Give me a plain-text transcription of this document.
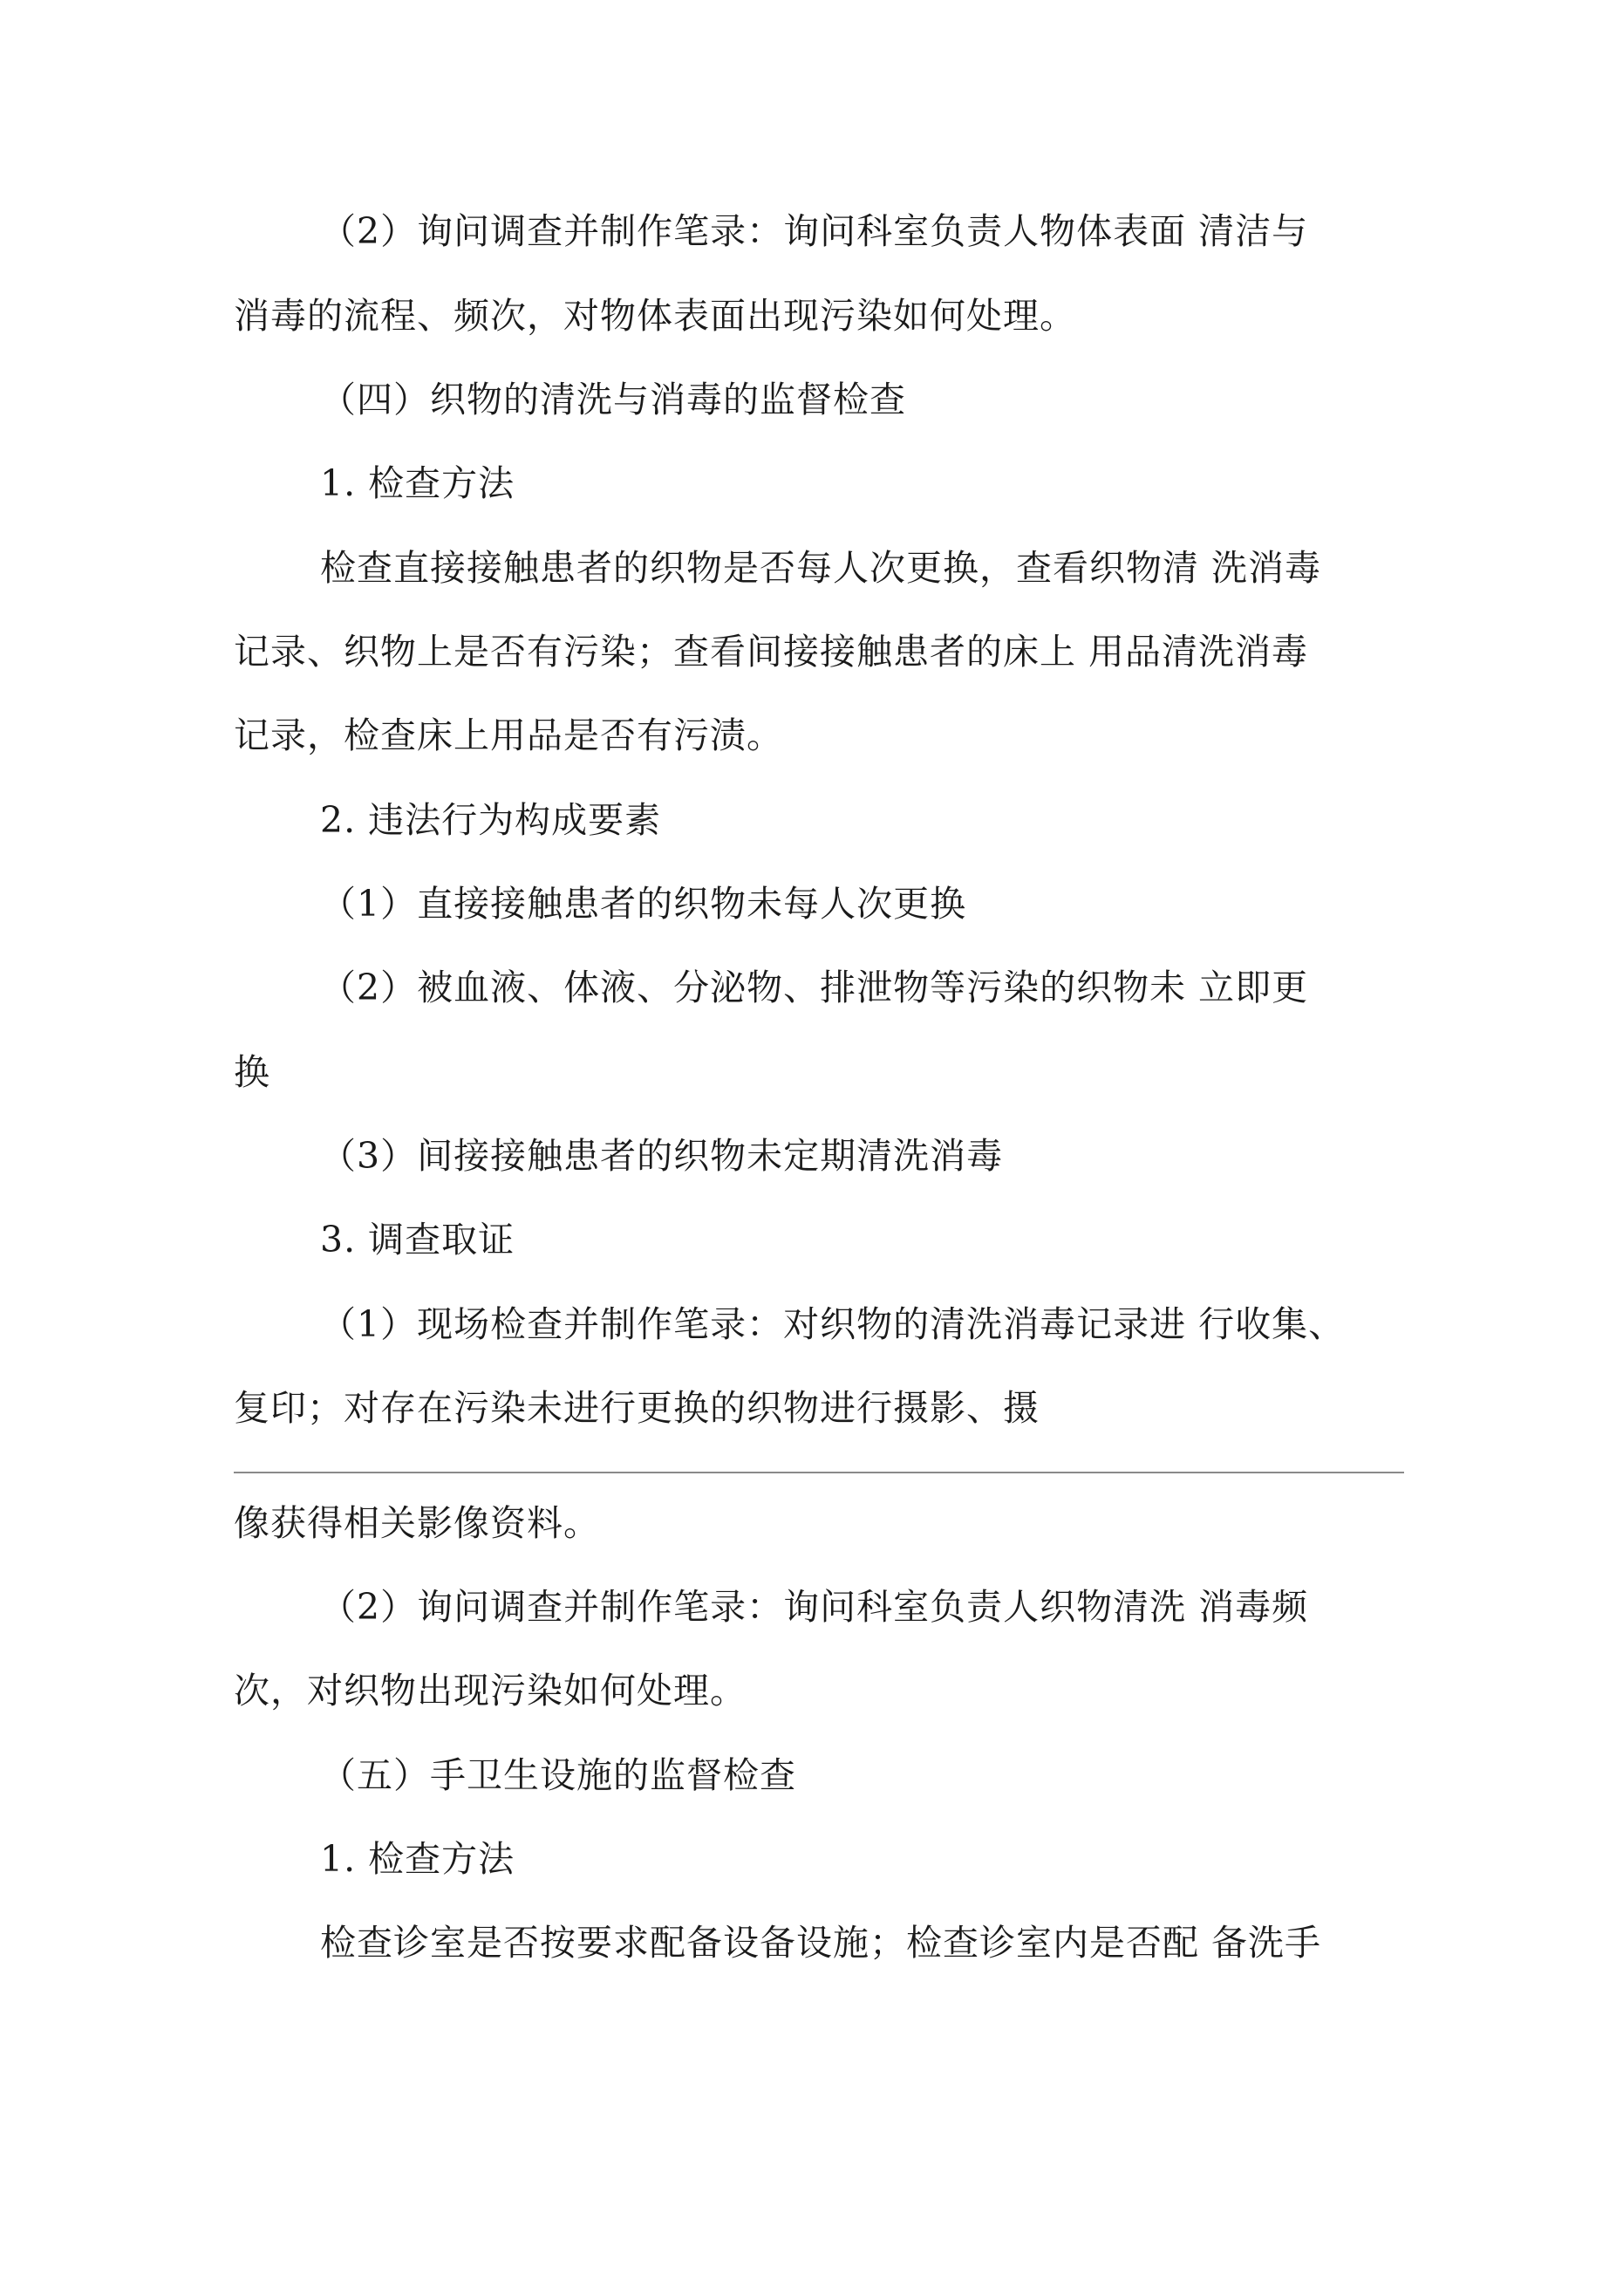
（2）询问调查并制作笔录：询问科室负责人物体表面 清洁与
消毒的流程、频次，对物体表面出现污染如何处理。
（四）织物的清洗与消毒的监督检查
1. 检查方法
检查直接接触患者的织物是否每人次更换，查看织物清 洗消毒
记录、织物上是否有污染；查看间接接触患者的床上 用品清洗消毒
记录，检查床上用品是否有污渍。
2. 违法行为构成要素
（1）直接接触患者的织物未每人次更换
（2）被血液、体液、分泌物、排泄物等污染的织物未 立即更
换
（3）间接接触患者的织物未定期清洗消毒
3. 调查取证
（1）现场检查并制作笔录：对织物的清洗消毒记录进 行收集、
复印；对存在污染未进行更换的织物进行摄影、摄
像获得相关影像资料。
（2）询问调查并制作笔录：询问科室负责人织物清洗 消毒频
次，对织物出现污染如何处理。
（五）手卫生设施的监督检查
1. 检查方法
检查诊室是否按要求配备设备设施；检查诊室内是否配 备洗手
